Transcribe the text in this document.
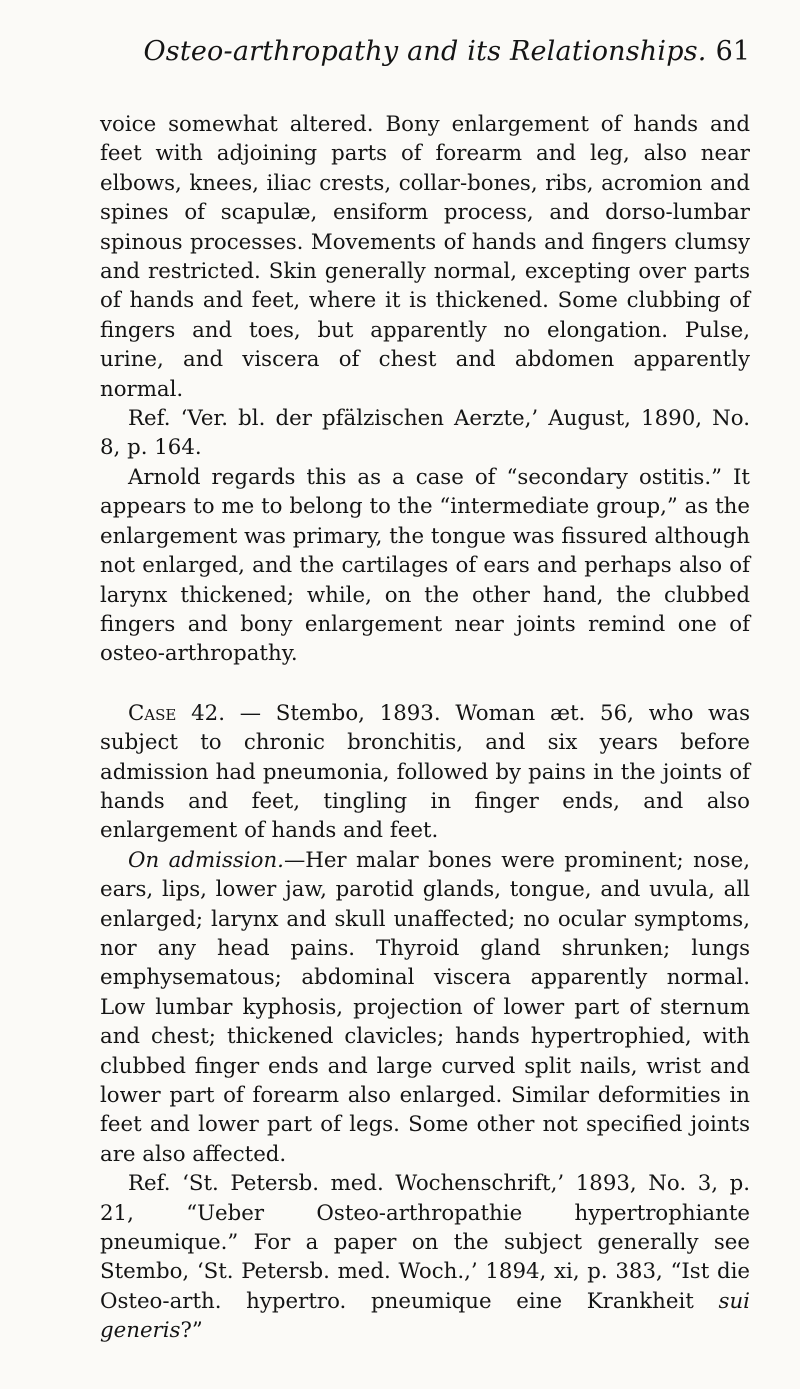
Osteo-arthropathy and its Relationships. 61

voice somewhat altered. Bony enlargement of hands and feet with adjoining parts of forearm and leg, also near elbows, knees, iliac crests, collar-bones, ribs, acromion and spines of scapulæ, ensiform process, and dorso-lumbar spinous processes. Movements of hands and fingers clumsy and restricted. Skin generally normal, excepting over parts of hands and feet, where it is thickened. Some clubbing of fingers and toes, but apparently no elongation. Pulse, urine, and viscera of chest and abdomen apparently normal.

Ref. ‘Ver. bl. der pfälzischen Aerzte,’ August, 1890, No. 8, p. 164.

Arnold regards this as a case of “secondary ostitis.” It appears to me to belong to the “intermediate group,” as the enlargement was primary, the tongue was fissured although not enlarged, and the cartilages of ears and perhaps also of larynx thickened; while, on the other hand, the clubbed fingers and bony enlargement near joints remind one of osteo-arthropathy.

Case 42. — Stembo, 1893. Woman æt. 56, who was subject to chronic bronchitis, and six years before admission had pneumonia, followed by pains in the joints of hands and feet, tingling in finger ends, and also enlargement of hands and feet.

On admission.—Her malar bones were prominent; nose, ears, lips, lower jaw, parotid glands, tongue, and uvula, all enlarged; larynx and skull unaffected; no ocular symptoms, nor any head pains. Thyroid gland shrunken; lungs emphysematous; abdominal viscera apparently normal. Low lumbar kyphosis, projection of lower part of sternum and chest; thickened clavicles; hands hypertrophied, with clubbed finger ends and large curved split nails, wrist and lower part of forearm also enlarged. Similar deformities in feet and lower part of legs. Some other not specified joints are also affected.

Ref. ‘St. Petersb. med. Wochenschrift,’ 1893, No. 3, p. 21, “Ueber Osteo-arthropathie hypertrophiante pneumique.” For a paper on the subject generally see Stembo, ‘St. Petersb. med. Woch.,’ 1894, xi, p. 383, “Ist die Osteo-arth. hypertro. pneumique eine Krankheit sui generis?”
